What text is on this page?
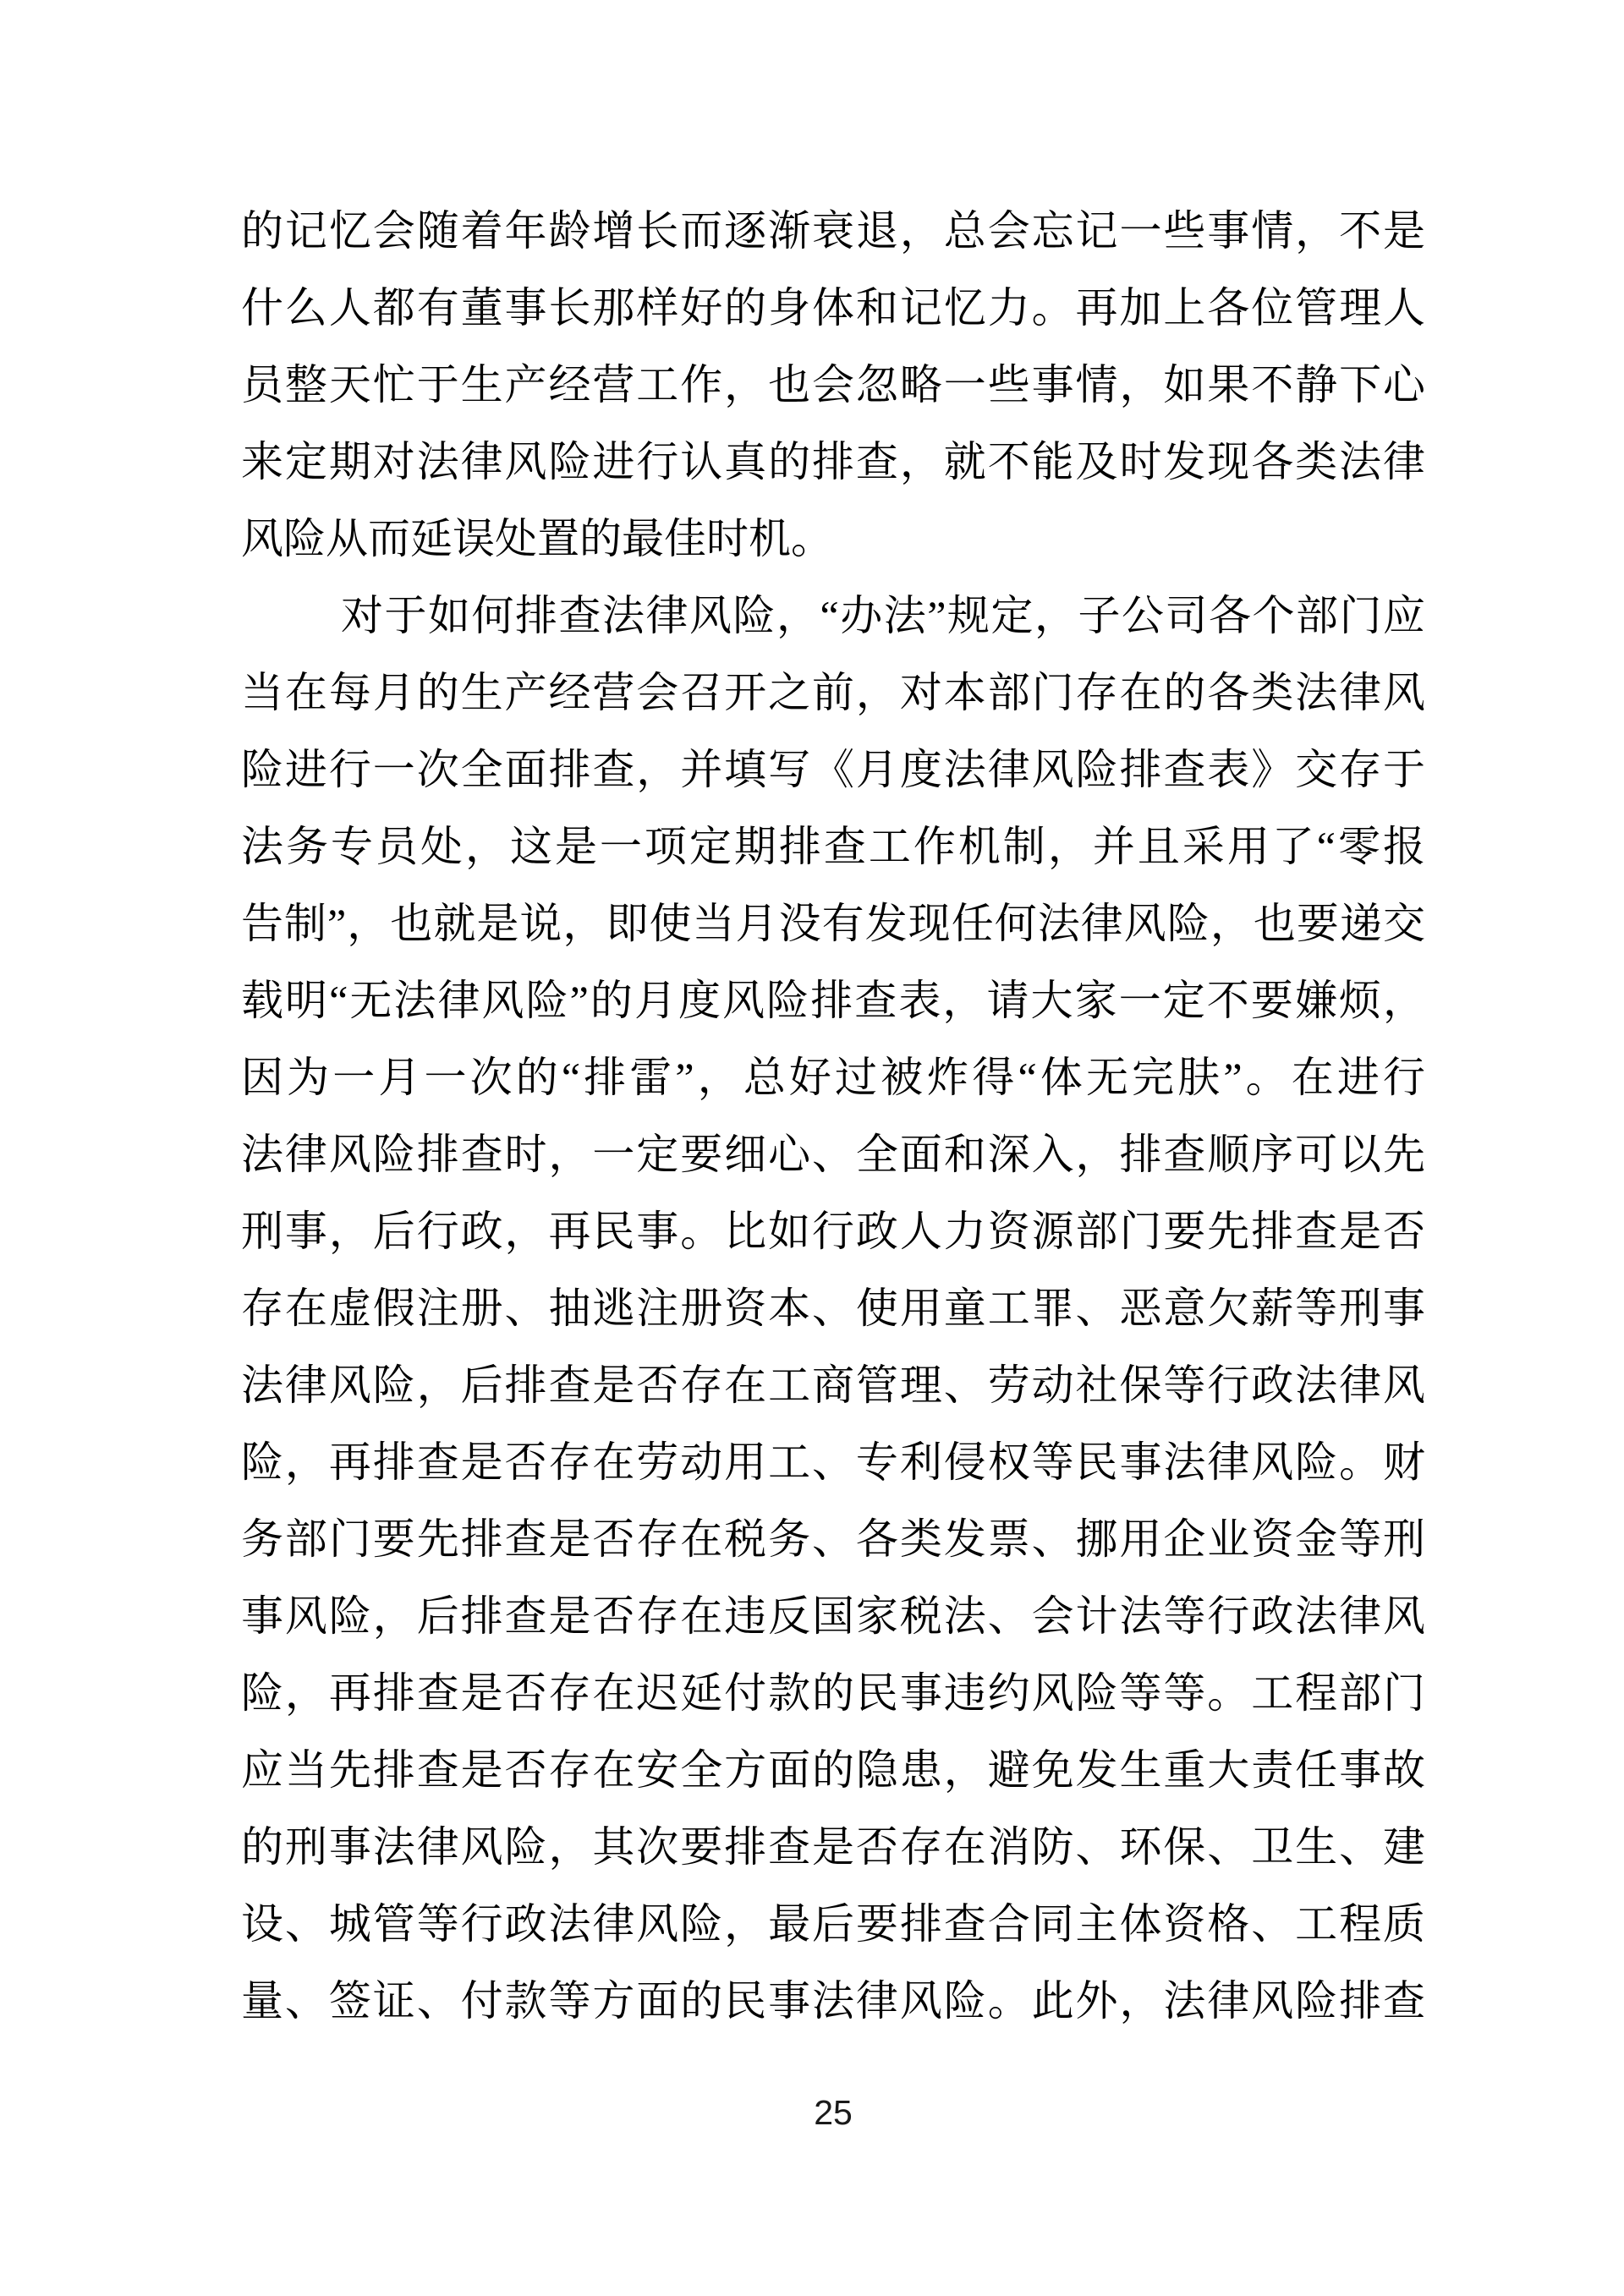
的记忆会随着年龄增长而逐渐衰退，总会忘记一些事情，不是
什么人都有董事长那样好的身体和记忆力。再加上各位管理人
员整天忙于生产经营工作，也会忽略一些事情，如果不静下心
来定期对法律风险进行认真的排查，就不能及时发现各类法律
风险从而延误处置的最佳时机。
对于如何排查法律风险，“办法”规定，子公司各个部门应
当在每月的生产经营会召开之前，对本部门存在的各类法律风
险进行一次全面排查，并填写《月度法律风险排查表》交存于
法务专员处，这是一项定期排查工作机制，并且采用了“零报
告制”，也就是说，即使当月没有发现任何法律风险，也要递交
载明“无法律风险”的月度风险排查表，请大家一定不要嫌烦，
因为一月一次的“排雷”，总好过被炸得“体无完肤”。在进行
法律风险排查时，一定要细心、全面和深入，排查顺序可以先
刑事，后行政，再民事。比如行政人力资源部门要先排查是否
存在虚假注册、抽逃注册资本、使用童工罪、恶意欠薪等刑事
法律风险，后排查是否存在工商管理、劳动社保等行政法律风
险，再排查是否存在劳动用工、专利侵权等民事法律风险。财
务部门要先排查是否存在税务、各类发票、挪用企业资金等刑
事风险，后排查是否存在违反国家税法、会计法等行政法律风
险，再排查是否存在迟延付款的民事违约风险等等。工程部门
应当先排查是否存在安全方面的隐患，避免发生重大责任事故
的刑事法律风险，其次要排查是否存在消防、环保、卫生、建
设、城管等行政法律风险，最后要排查合同主体资格、工程质
量、签证、付款等方面的民事法律风险。此外，法律风险排查
25
